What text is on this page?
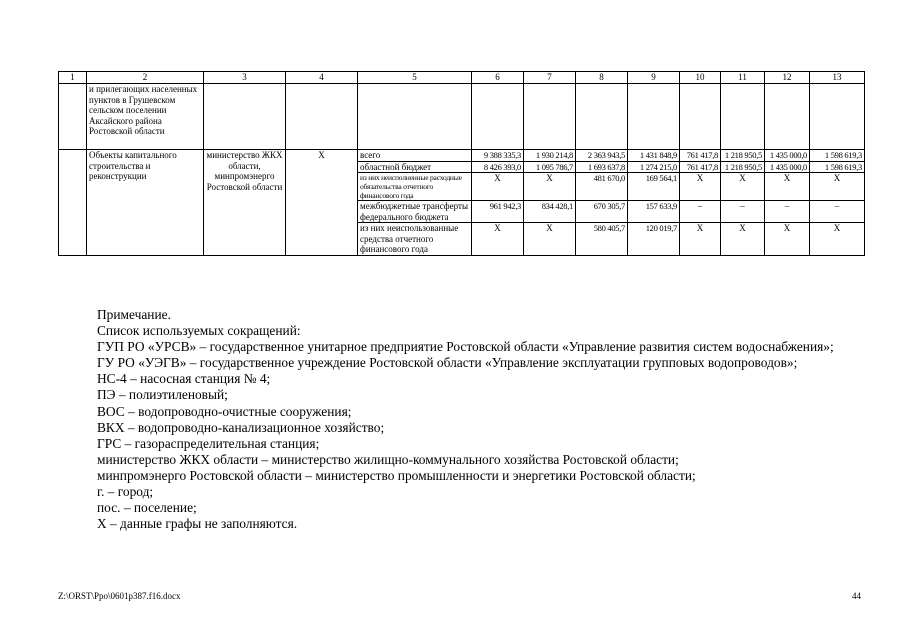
1	2	3	4	5	6	7	8	9	10	11	12	13
	и прилегающих населенных пунктов в Грушевском сельском поселении Аксайского района Ростовской области											
	Объекты капитального строительства и реконструкции	министерство ЖКХ области, минпромэнерго Ростовской области	X	всего	9 388 335,3	1 930 214,8	2 363 943,5	1 431 848,9	761 417,8	1 218 950,5	1 435 000,0	1 598 619,3
				областной бюджет	8 426 393,0	1 095 786,7	1 693 637,8	1 274 215,0	761 417,8	1 218 950,5	1 435 000,0	1 598 619,3
				из них неисполненные расходные обязательства отчетного финансового года	X	X	481 670,0	169 564,1	X	X	X	X
				межбюджетные трансферты федерального бюджета	961 942,3	834 428,1	670 305,7	157 633,9	–	–	–	–
				из них неиспользованные средства отчетного финансового года	X	X	580 405,7	120 019,7	X	X	X	X

Примечание.

Список используемых сокращений:

ГУП РО «УРСВ» – государственное унитарное предприятие Ростовской области «Управление развития систем водоснабжения»;

ГУ РО «УЭГВ» – государственное учреждение Ростовской области «Управление эксплуатации групповых водопроводов»;

НС-4 – насосная станция № 4;

ПЭ – полиэтиленовый;

ВОС – водопроводно-очистные сооружения;

ВКХ – водопроводно-канализационное хозяйство;

ГРС – газораспределительная станция;

министерство ЖКХ области – министерство жилищно-коммунального хозяйства Ростовской области;

минпромэнерго Ростовской области – министерство промышленности и энергетики Ростовской области;

г. – город;

пос. – поселение;

X – данные графы не заполняются.

Z:\ORST\Ppo\0601p387.f16.docx	44
